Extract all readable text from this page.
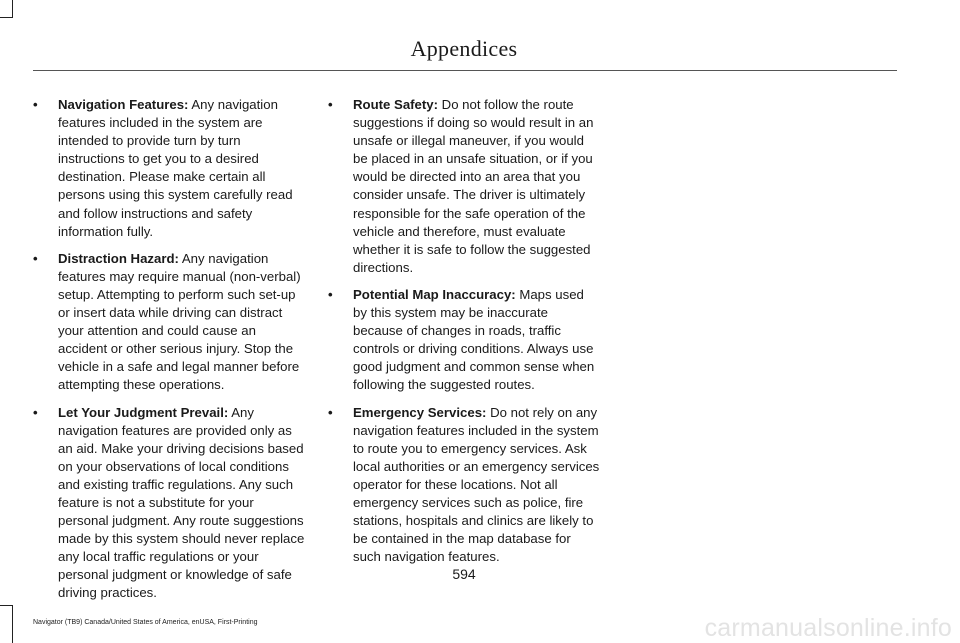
Appendices
• Navigation Features: Any navigation features included in the system are intended to provide turn by turn instructions to get you to a desired destination. Please make certain all persons using this system carefully read and follow instructions and safety information fully.
• Distraction Hazard: Any navigation features may require manual (non-verbal) setup. Attempting to perform such set-up or insert data while driving can distract your attention and could cause an accident or other serious injury. Stop the vehicle in a safe and legal manner before attempting these operations.
• Let Your Judgment Prevail: Any navigation features are provided only as an aid. Make your driving decisions based on your observations of local conditions and existing traffic regulations. Any such feature is not a substitute for your personal judgment. Any route suggestions made by this system should never replace any local traffic regulations or your personal judgment or knowledge of safe driving practices.
• Route Safety: Do not follow the route suggestions if doing so would result in an unsafe or illegal maneuver, if you would be placed in an unsafe situation, or if you would be directed into an area that you consider unsafe. The driver is ultimately responsible for the safe operation of the vehicle and therefore, must evaluate whether it is safe to follow the suggested directions.
• Potential Map Inaccuracy: Maps used by this system may be inaccurate because of changes in roads, traffic controls or driving conditions. Always use good judgment and common sense when following the suggested routes.
• Emergency Services: Do not rely on any navigation features included in the system to route you to emergency services. Ask local authorities or an emergency services operator for these locations. Not all emergency services such as police, fire stations, hospitals and clinics are likely to be contained in the map database for such navigation features.
594
Navigator (TB9) Canada/United States of America, enUSA, First-Printing	carmanualsonline.info
